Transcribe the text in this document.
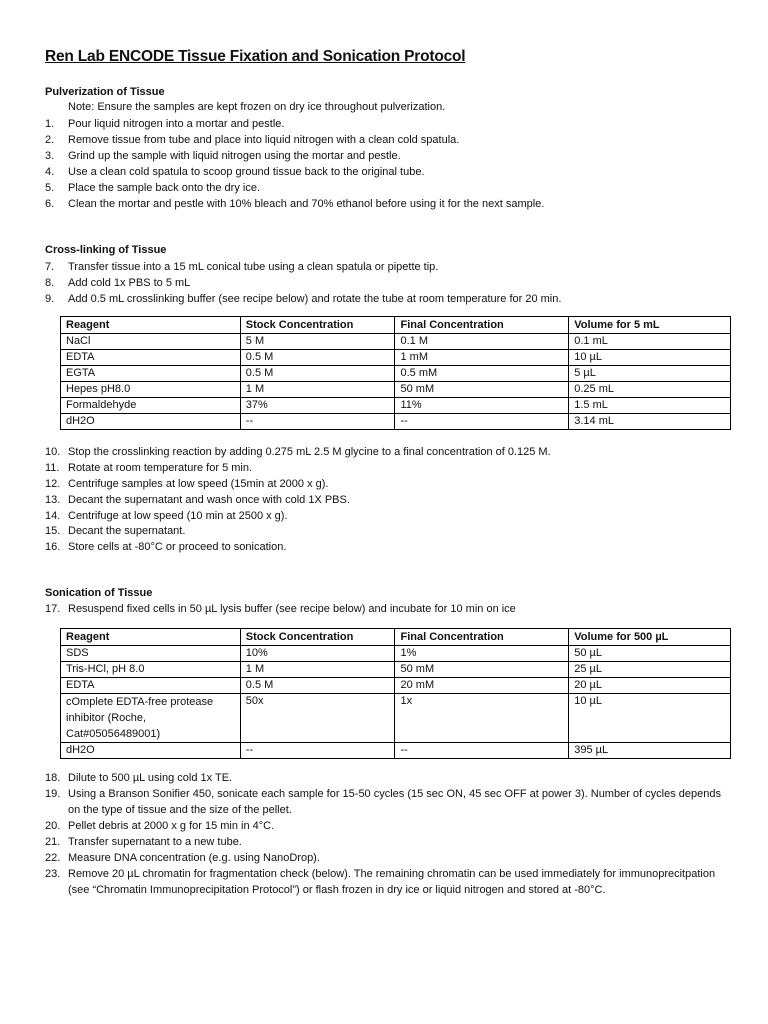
Ren Lab ENCODE Tissue Fixation and Sonication Protocol
Pulverization of Tissue
Note: Ensure the samples are kept frozen on dry ice throughout pulverization.
1. Pour liquid nitrogen into a mortar and pestle.
2. Remove tissue from tube and place into liquid nitrogen with a clean cold spatula.
3. Grind up the sample with liquid nitrogen using the mortar and pestle.
4. Use a clean cold spatula to scoop ground tissue back to the original tube.
5. Place the sample back onto the dry ice.
6. Clean the mortar and pestle with 10% bleach and 70% ethanol before using it for the next sample.
Cross-linking of Tissue
7. Transfer tissue into a 15 mL conical tube using a clean spatula or pipette tip.
8. Add cold 1x PBS to 5 mL
9. Add 0.5 mL crosslinking buffer (see recipe below) and rotate the tube at room temperature for 20 min.
Reagent	Stock Concentration	Final Concentration	Volume for 5 mL
NaCl	5 M	0.1 M	0.1 mL
EDTA	0.5 M	1 mM	10 µL
EGTA	0.5 M	0.5 mM	5 µL
Hepes pH8.0	1 M	50 mM	0.25 mL
Formaldehyde	37%	11%	1.5 mL
dH2O	--	--	3.14 mL
10. Stop the crosslinking reaction by adding 0.275 mL 2.5 M glycine to a final concentration of 0.125 M.
11. Rotate at room temperature for 5 min.
12. Centrifuge samples at low speed (15min at 2000 x g).
13. Decant the supernatant and wash once with cold 1X PBS.
14. Centrifuge at low speed (10 min at 2500 x g).
15. Decant the supernatant.
16. Store cells at -80°C or proceed to sonication.
Sonication of Tissue
17. Resuspend fixed cells in 50 µL lysis buffer (see recipe below) and incubate for 10 min on ice
Reagent	Stock Concentration	Final Concentration	Volume for 500 µL
SDS	10%	1%	50 µL
Tris-HCl, pH 8.0	1 M	50 mM	25 µL
EDTA	0.5 M	20 mM	20 µL
cOmplete EDTA-free protease inhibitor (Roche, Cat#05056489001)	50x	1x	10 µL
dH2O	--	--	395 µL
18. Dilute to 500 µL using cold 1x TE.
19. Using a Branson Sonifier 450, sonicate each sample for 15-50 cycles (15 sec ON, 45 sec OFF at power 3). Number of cycles depends on the type of tissue and the size of the pellet.
20. Pellet debris at 2000 x g for 15 min in 4°C.
21. Transfer supernatant to a new tube.
22. Measure DNA concentration (e.g. using NanoDrop).
23. Remove 20 µL chromatin for fragmentation check (below). The remaining chromatin can be used immediately for immunoprecitpation (see “Chromatin Immunoprecipitation Protocol”) or flash frozen in dry ice or liquid nitrogen and stored at -80°C.
